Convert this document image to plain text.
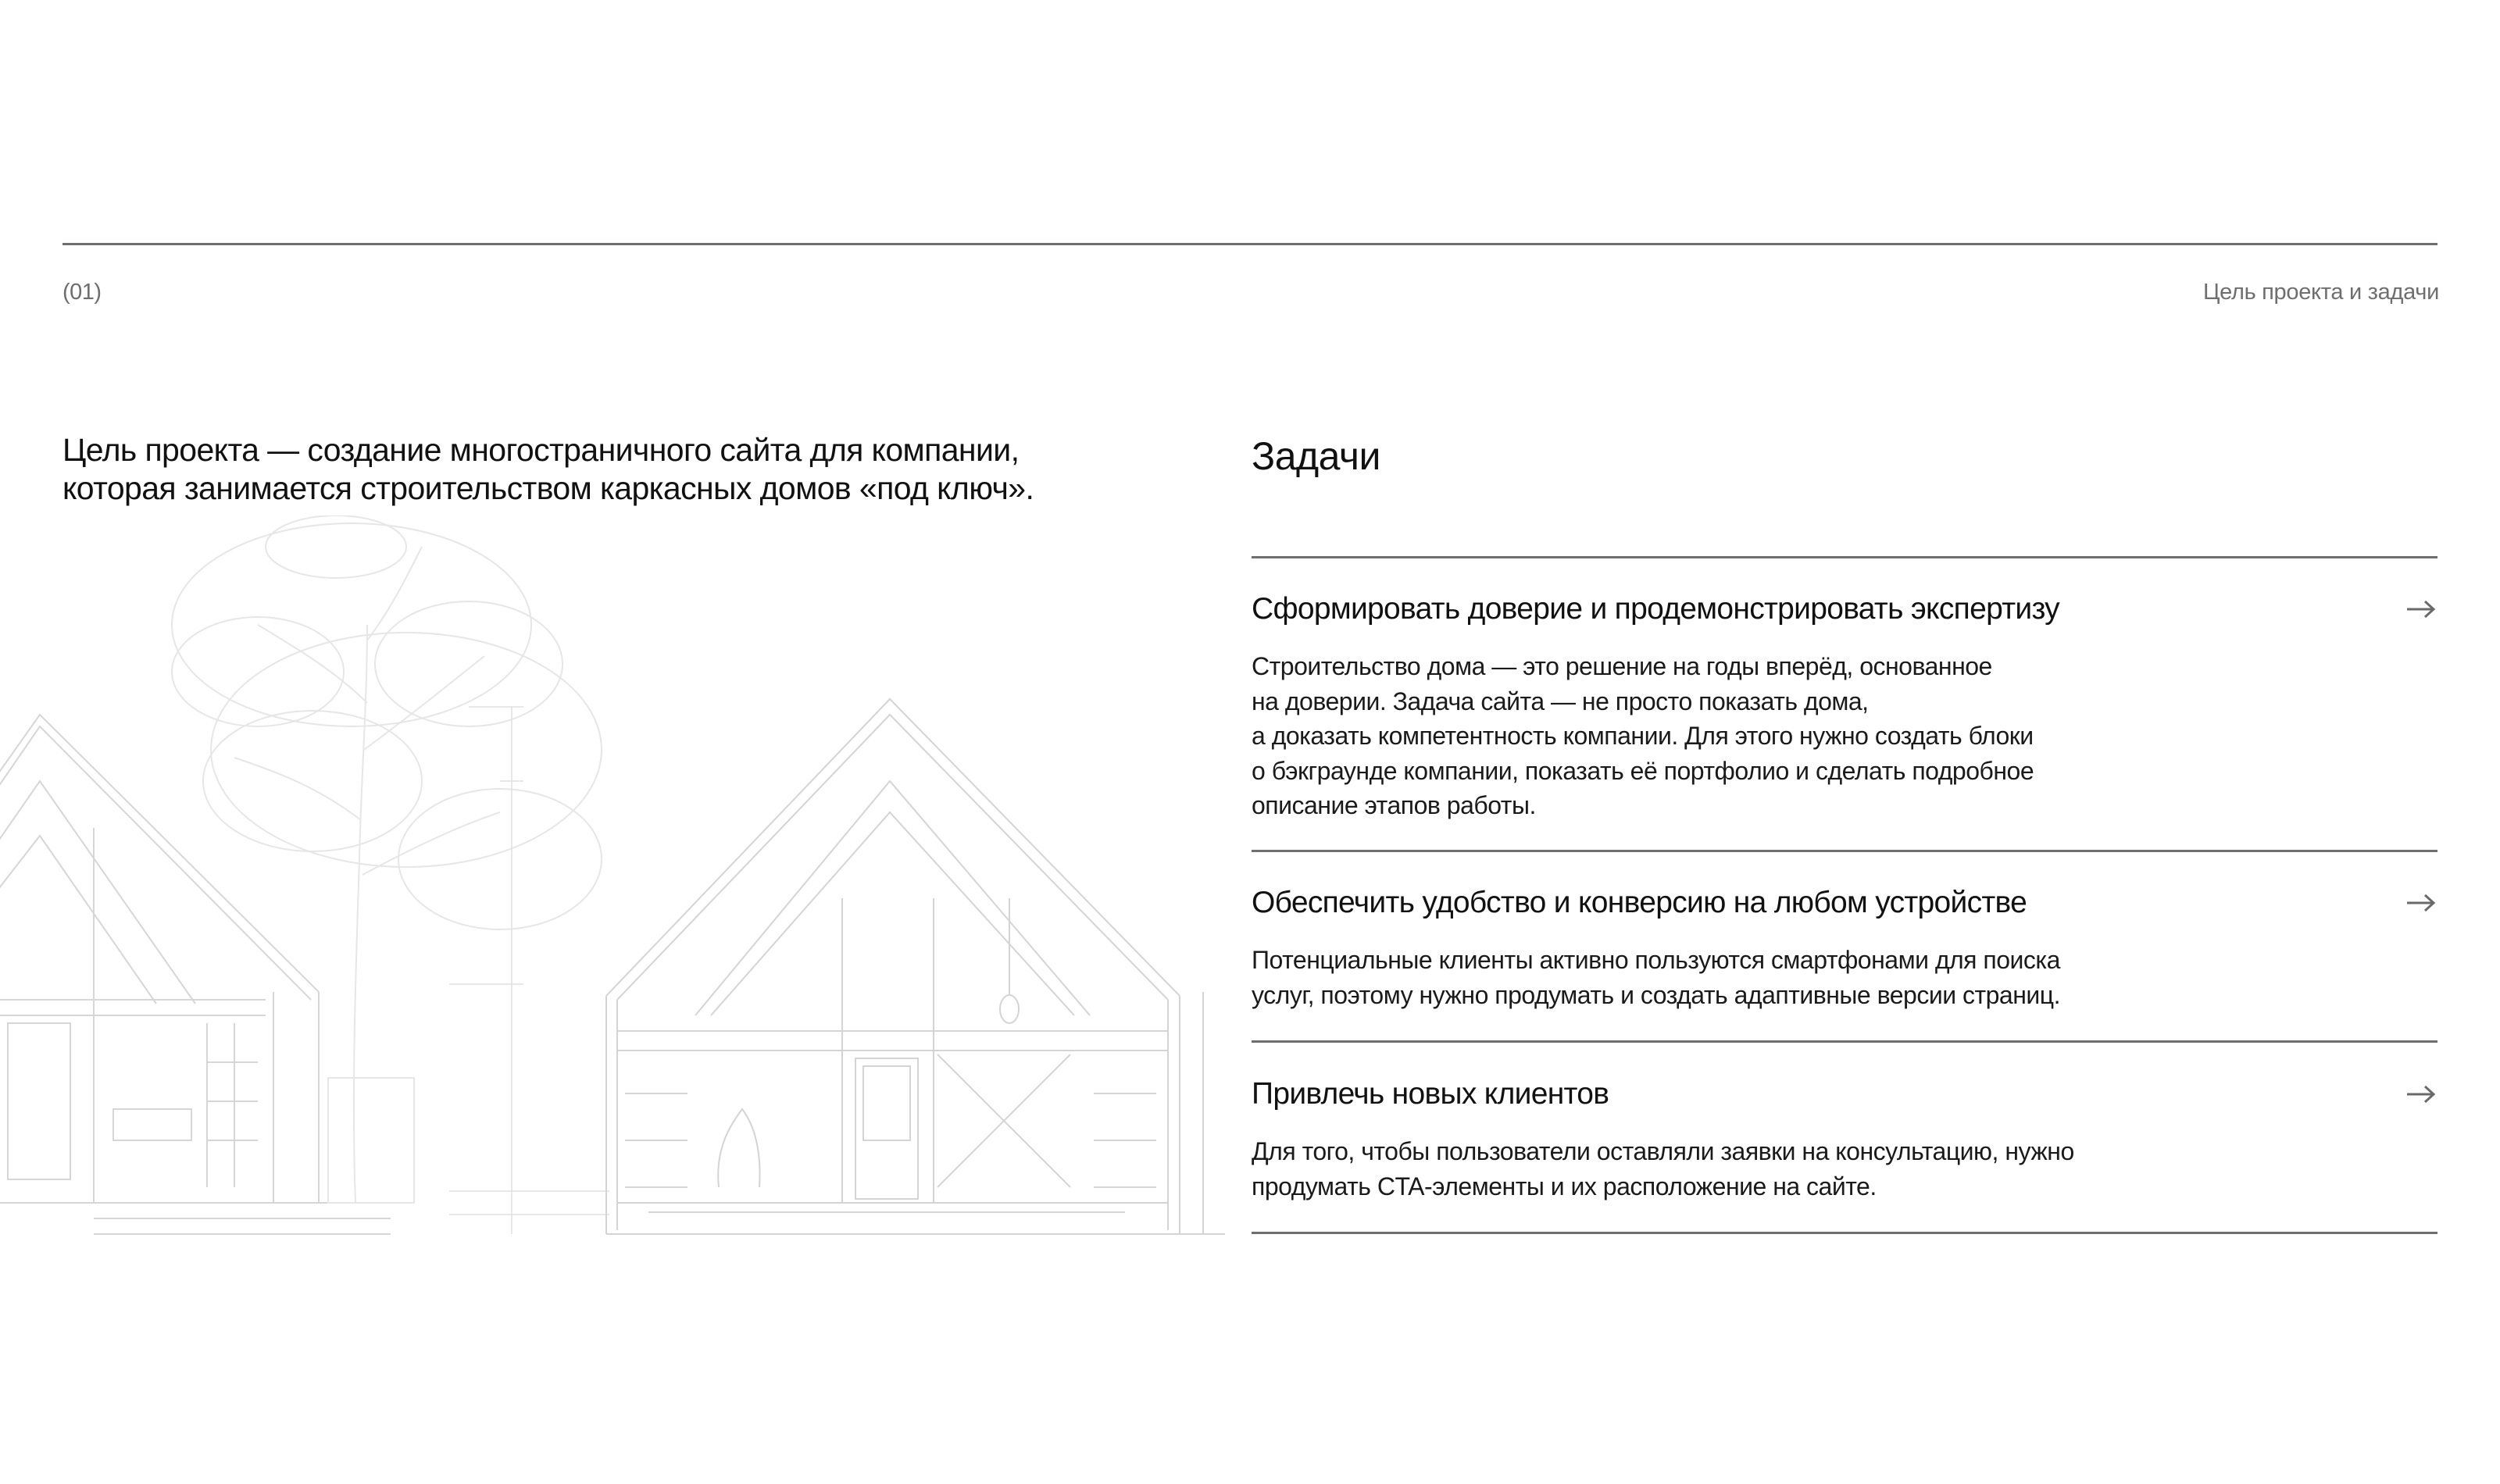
(01)	Цель проекта и задачи
Цель проекта — создание многостраничного сайта для компании,
которая занимается строительством каркасных домов «под ключ».
Задачи
Сформировать доверие и продемонстрировать экспертизу

Строительство дома — это решение на годы вперёд, основанное
на доверии. Задача сайта — не просто показать дома,
а доказать компетентность компании. Для этого нужно создать блоки
о бэкграунде компании, показать её портфолио и сделать подробное
описание этапов работы.

Обеспечить удобство и конверсию на любом устройстве

Потенциальные клиенты активно пользуются смартфонами для поиска
услуг, поэтому нужно продумать и создать адаптивные версии страниц.

Привлечь новых клиентов

Для того, чтобы пользователи оставляли заявки на консультацию, нужно
продумать CTA-элементы и их расположение на сайте.
